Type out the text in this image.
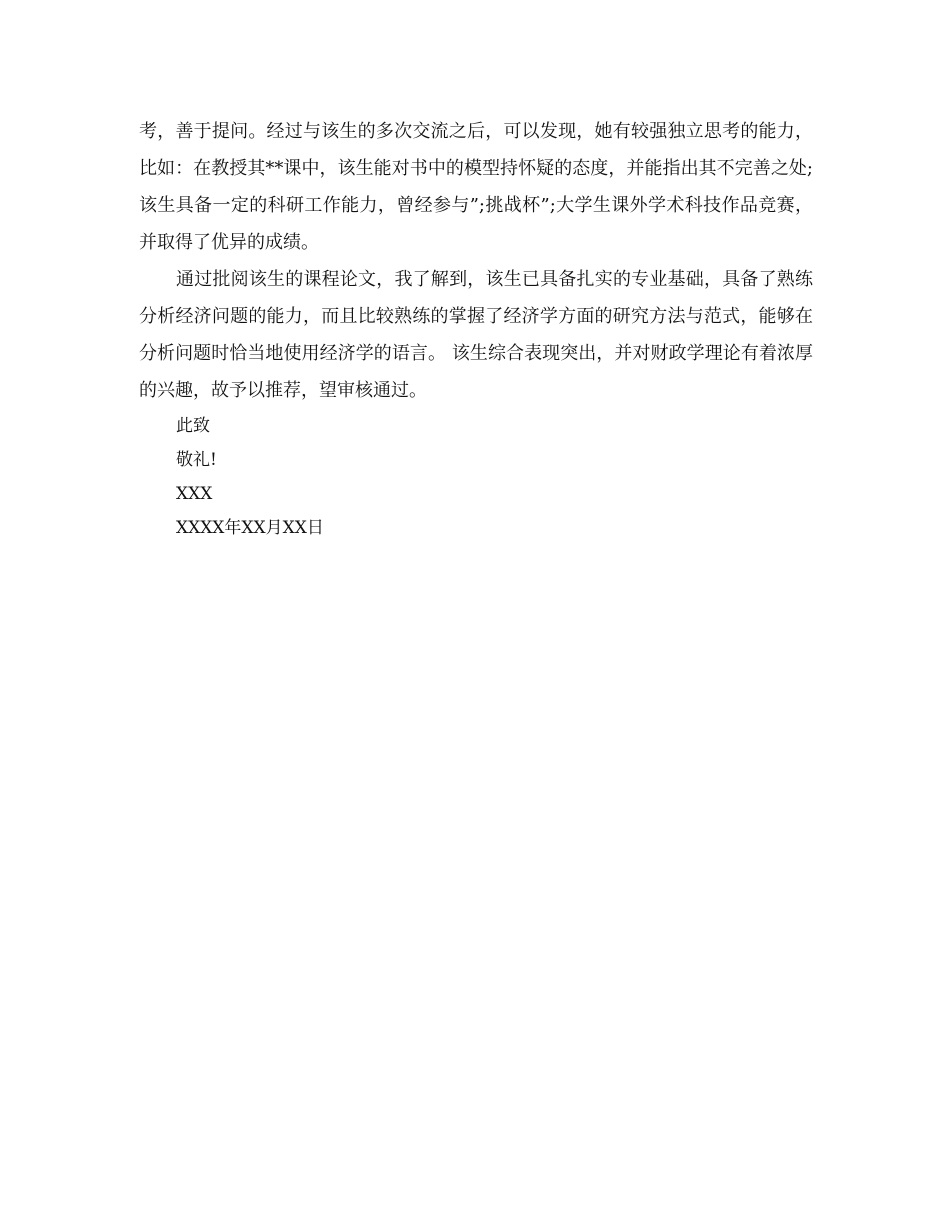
考，善于提问。经过与该生的多次交流之后，可以发现，她有较强独立思考的能力，比如：在教授其**课中，该生能对书中的模型持怀疑的态度，并能指出其不完善之处;该生具备一定的科研工作能力，曾经参与”;挑战杯”;大学生课外学术科技作品竞赛，并取得了优异的成绩。

通过批阅该生的课程论文，我了解到，该生已具备扎实的专业基础，具备了熟练分析经济问题的能力，而且比较熟练的掌握了经济学方面的研究方法与范式，能够在分析问题时恰当地使用经济学的语言。 该生综合表现突出，并对财政学理论有着浓厚的兴趣，故予以推荐，望审核通过。

此致

敬礼!

XXX

XXXX年XX月XX日
